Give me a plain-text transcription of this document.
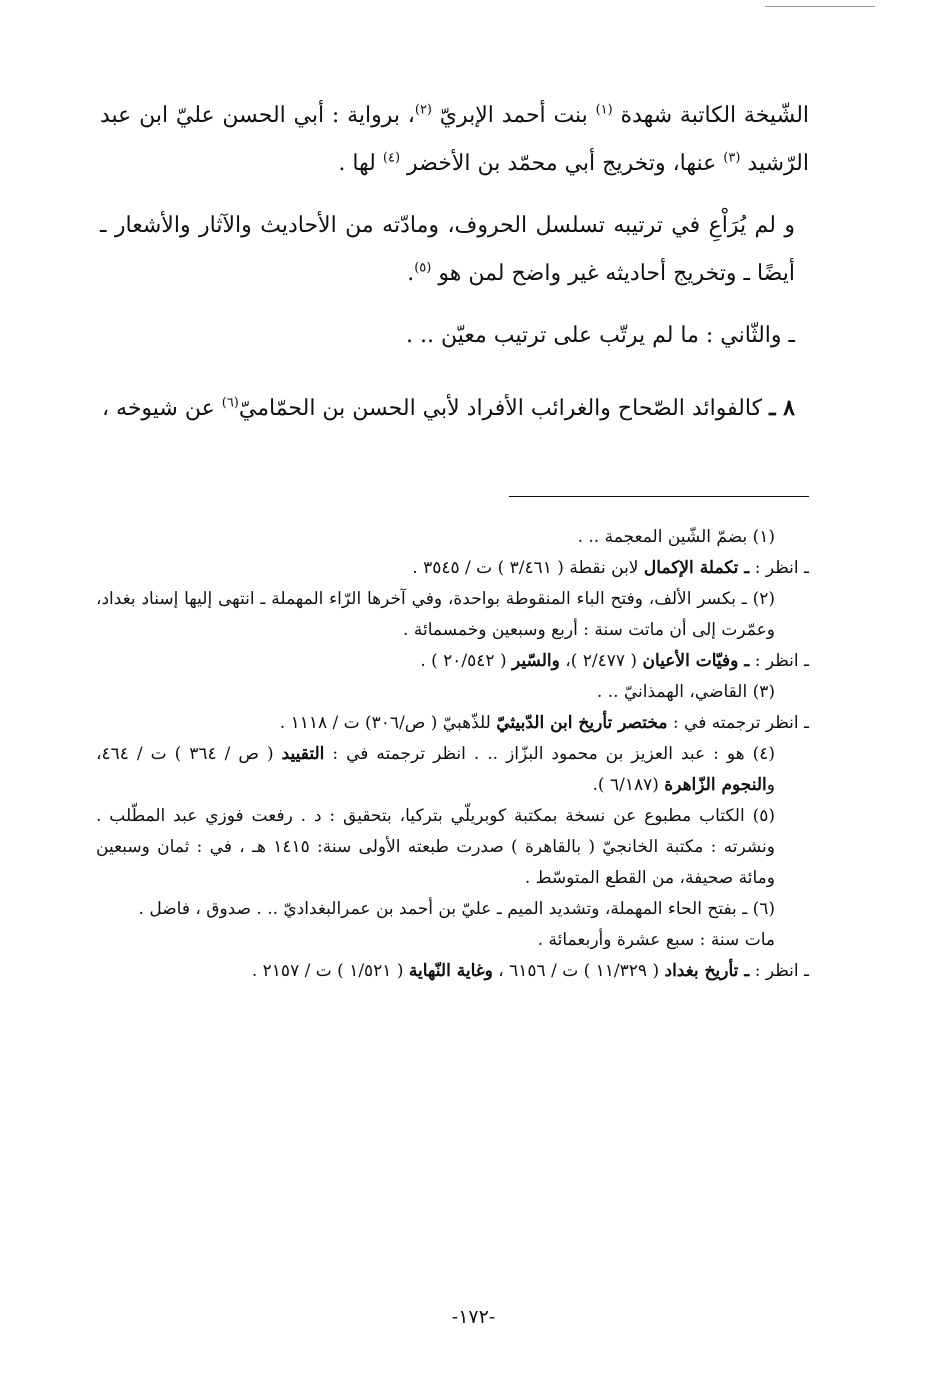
الشّيخة الكاتبة شهدة $^{(١)}$ بنت أحمد الإبريّ $^{(٢)}$، برواية : أبي الحسن عليّ ابن عبد الرّشيد $^{(٣)}$ عنها، وتخريج أبي محمّد بن الأخضر $^{(٤)}$ لها .

و لم يُرَاْعِ في ترتيبه تسلسل الحروف، ومادّته من الأحاديث والآثار والأشعار ـ أيضًا ـ وتخريج أحاديثه غير واضح لمن هو $^{(٥)}$.

ـ والثّاني : ما لم يرتّب على ترتيب معيّن .. .

٨ ـ كالفوائد الصّحاح والغرائب الأفراد لأبي الحسن بن الحمّاميّ$^{(٦)}$ عن شيوخه ،

(١) بضمّ الشّين المعجمة .. .

ـ انظر : ـ تكملة الإكمال لابن نقطة ( ٣/٤٦١ ) ت / ٣٥٤٥ .

(٢) ـ بكسر الألف، وفتح الباء المنقوطة بواحدة، وفي آخرها الرّاء المهملة ـ انتهى إليها إسناد بغداد، وعمّرت إلى أن ماتت سنة : أربع وسبعين وخمسمائة .

ـ انظر : ـ وفيّات الأعيان ( ٢/٤٧٧ )، والسّير ( ٢٠/٥٤٢ ) .

(٣) القاضي، الهمذانيّ .. .

ـ انظر ترجمته في : مختصر تأريخ ابن الدّبيثيّ للذّهبيّ ( ص/٣٠٦) ت / ١١١٨ .

(٤) هو : عبد العزيز بن محمود البزّاز .. . انظر ترجمته في : التقييد ( ص / ٣٦٤ ) ت / ٤٦٤، والنجوم الزّاهرة (٦/١٨٧ ).

(٥) الكتاب مطبوع عن نسخة بمكتبة كوبريلّي بتركيا، بتحقيق : د . رفعت فوزي عبد المطّلب . ونشرته : مكتبة الخانجيّ ( بالقاهرة ) صدرت طبعته الأولى سنة: ١٤١٥ هـ ، في : ثمان وسبعين ومائة صحيفة، من القطع المتوسّط .

(٦) ـ بفتح الحاء المهملة، وتشديد الميم ـ عليّ بن أحمد بن عمرالبغداديّ .. . صدوق ، فاضل .

مات سنة : سبع عشرة وأربعمائة .

ـ انظر : ـ تأريخ بغداد ( ١١/٣٢٩ ) ت / ٦١٥٦ ، وغاية النّهاية ( ١/٥٢١ ) ت / ٢١٥٧ .

-١٧٢-
